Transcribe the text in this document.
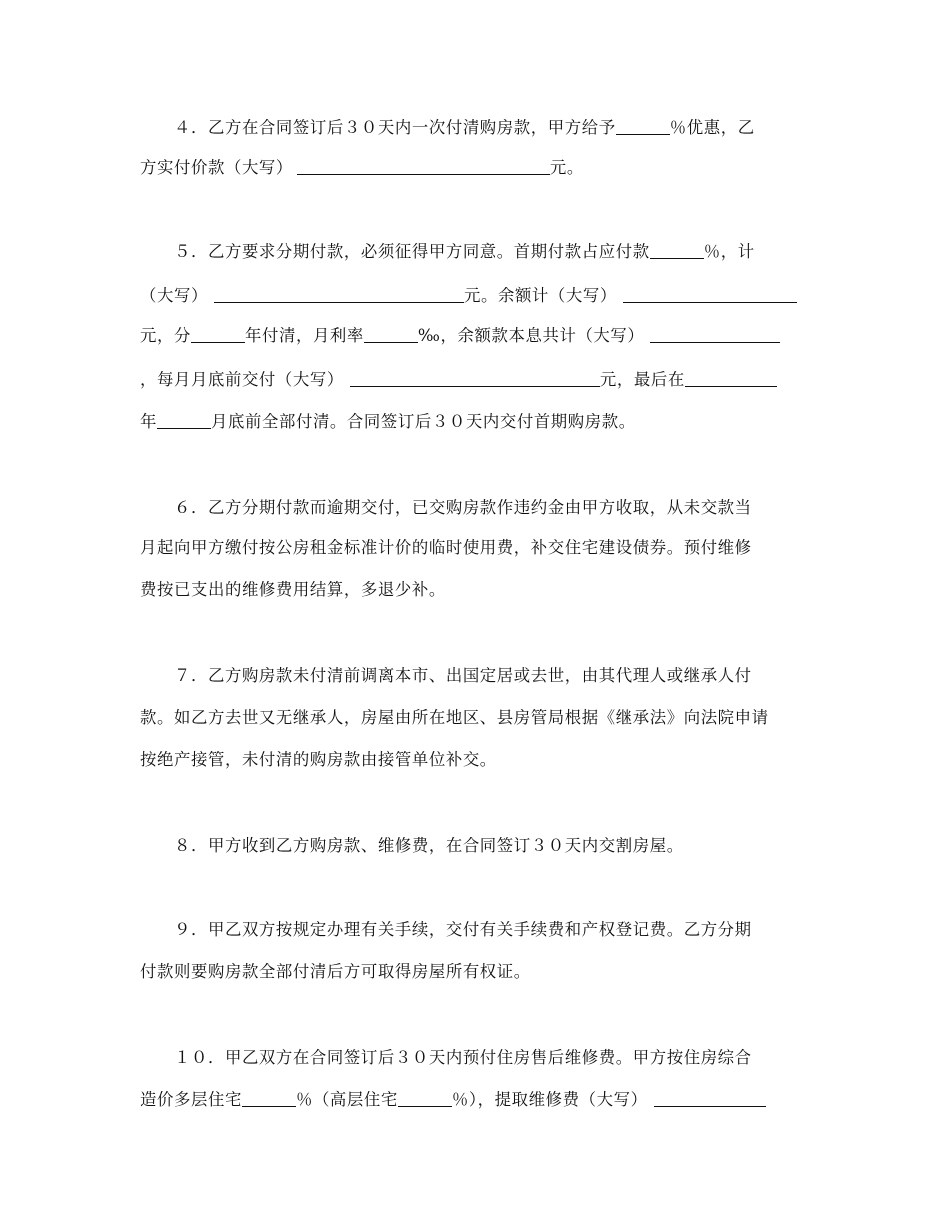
　　４．乙方在合同签订后３０天内一次付清购房款，甲方给予	％优惠，乙
方实付价款（大写）	元。
　　５．乙方要求分期付款，必须征得甲方同意。首期付款占应付款	％，计
（大写）	元。余额计（大写）
元，分	年付清，月利率	‰，余额款本息共计（大写）
，每月月底前交付（大写）	元，最后在
年	月底前全部付清。合同签订后３０天内交付首期购房款。
　　６．乙方分期付款而逾期交付，已交购房款作违约金由甲方收取，从未交款当
月起向甲方缴付按公房租金标准计价的临时使用费，补交住宅建设债券。预付维修
费按已支出的维修费用结算，多退少补。
　　７．乙方购房款未付清前调离本市、出国定居或去世，由其代理人或继承人付
款。如乙方去世又无继承人，房屋由所在地区、县房管局根据《继承法》向法院申请
按绝产接管，未付清的购房款由接管单位补交。
　　８．甲方收到乙方购房款、维修费，在合同签订３０天内交割房屋。
　　９．甲乙双方按规定办理有关手续，交付有关手续费和产权登记费。乙方分期
付款则要购房款全部付清后方可取得房屋所有权证。
　　１０．甲乙双方在合同签订后３０天内预付住房售后维修费。甲方按住房综合
造价多层住宅	％（高层住宅	％），提取维修费（大写）
